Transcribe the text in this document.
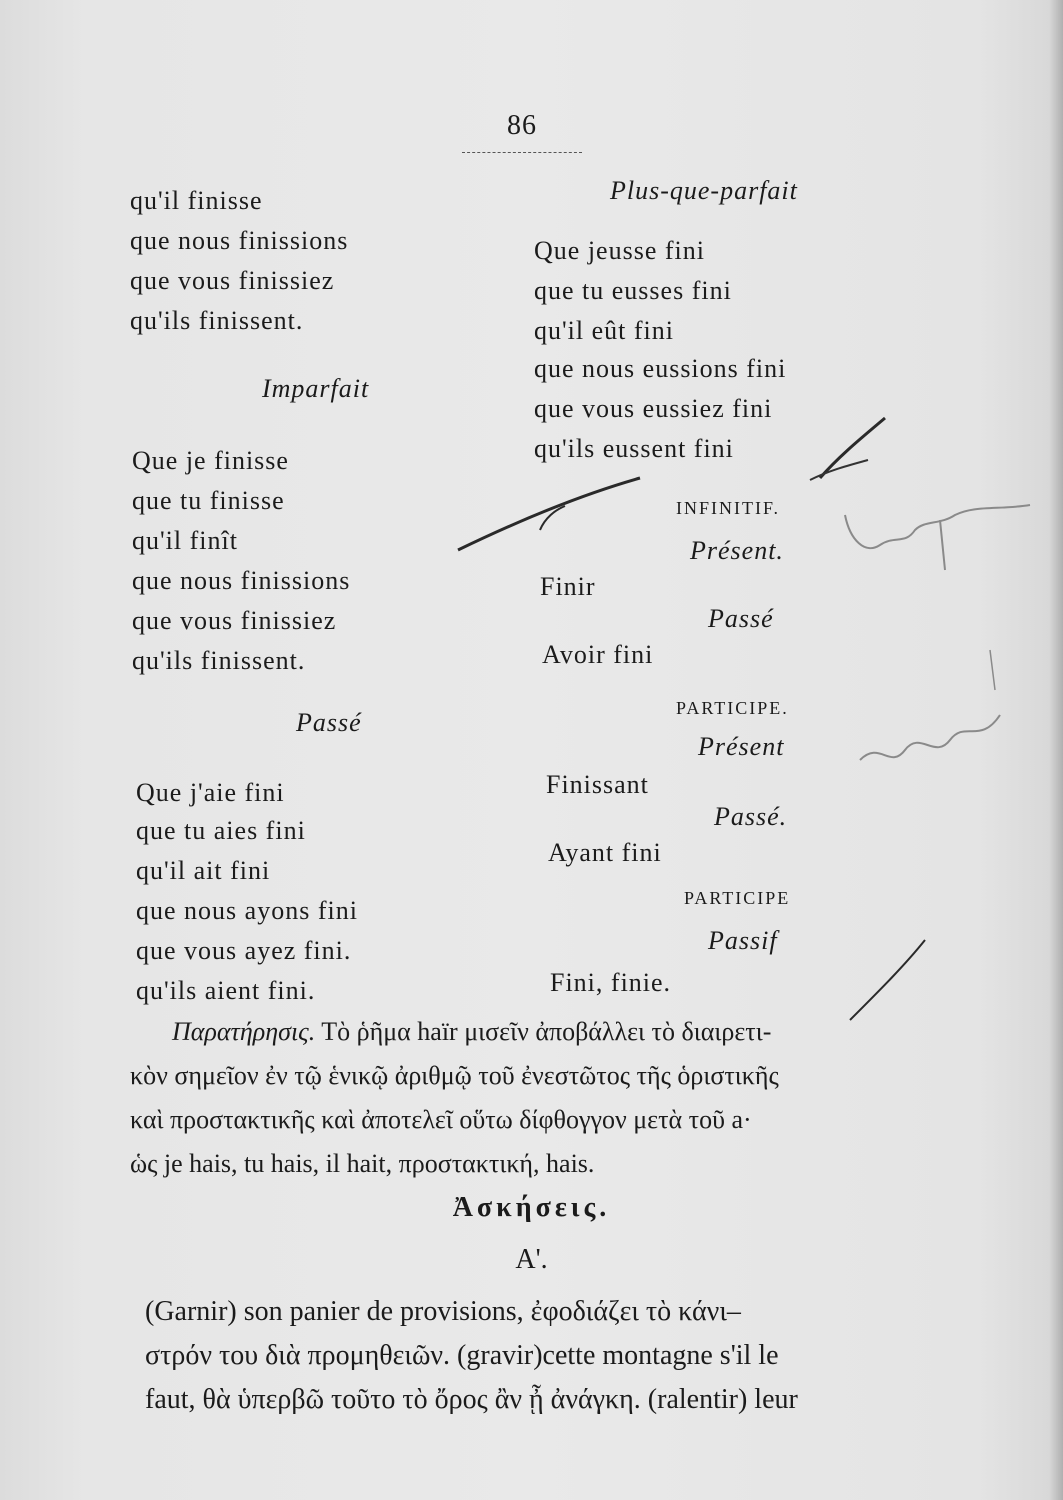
86
qu'il finisse
que nous finissions
que vous finissiez
qu'ils finissent.
Imparfait
Que je finisse
que tu finisse
qu'il finît
que nous finissions
que vous finissiez
qu'ils finissent.
Passé
Que j'aie fini
que tu aies fini
qu'il ait fini
que nous ayons fini
que vous ayez fini.
qu'ils aient fini.
Plus-que-parfait
Que jeusse fini
que tu eusses fini
qu'il eût fini
que nous eussions fini
que vous eussiez fini
qu'ils eussent fini
INFINITIF.
Présent.
Finir
Passé
Avoir fini
PARTICIPE.
Présent
Finissant
Passé.
Ayant fini
PARTICIPE
Passif
Fini, finie.
Παρατήρησις. Τὸ ῥῆμα haïr μισεῖν ἀποβάλλει τὸ διαιρετι-
κὸν σημεῖον ἐν τῷ ἑνικῷ ἀριθμῷ τοῦ ἐνεστῶτος τῆς ὁριστικῆς
καὶ προστακτικῆς καὶ ἀποτελεῖ οὕτω δίφθογγον μετὰ τοῦ a·
ὡς je hais, tu hais, il hait, προστακτική, hais.
Ἀσκήσεις.
A'.
(Garnir) son panier de provisions, ἐφοδιάζει τὸ κάνι–
στρόν του διὰ προμηθειῶν. (gravir)cette montagne s'il le
faut, θὰ ὑπερβῶ τοῦτο τὸ ὄρος ἂν ᾖ ἀνάγκη. (ralentir) leur
